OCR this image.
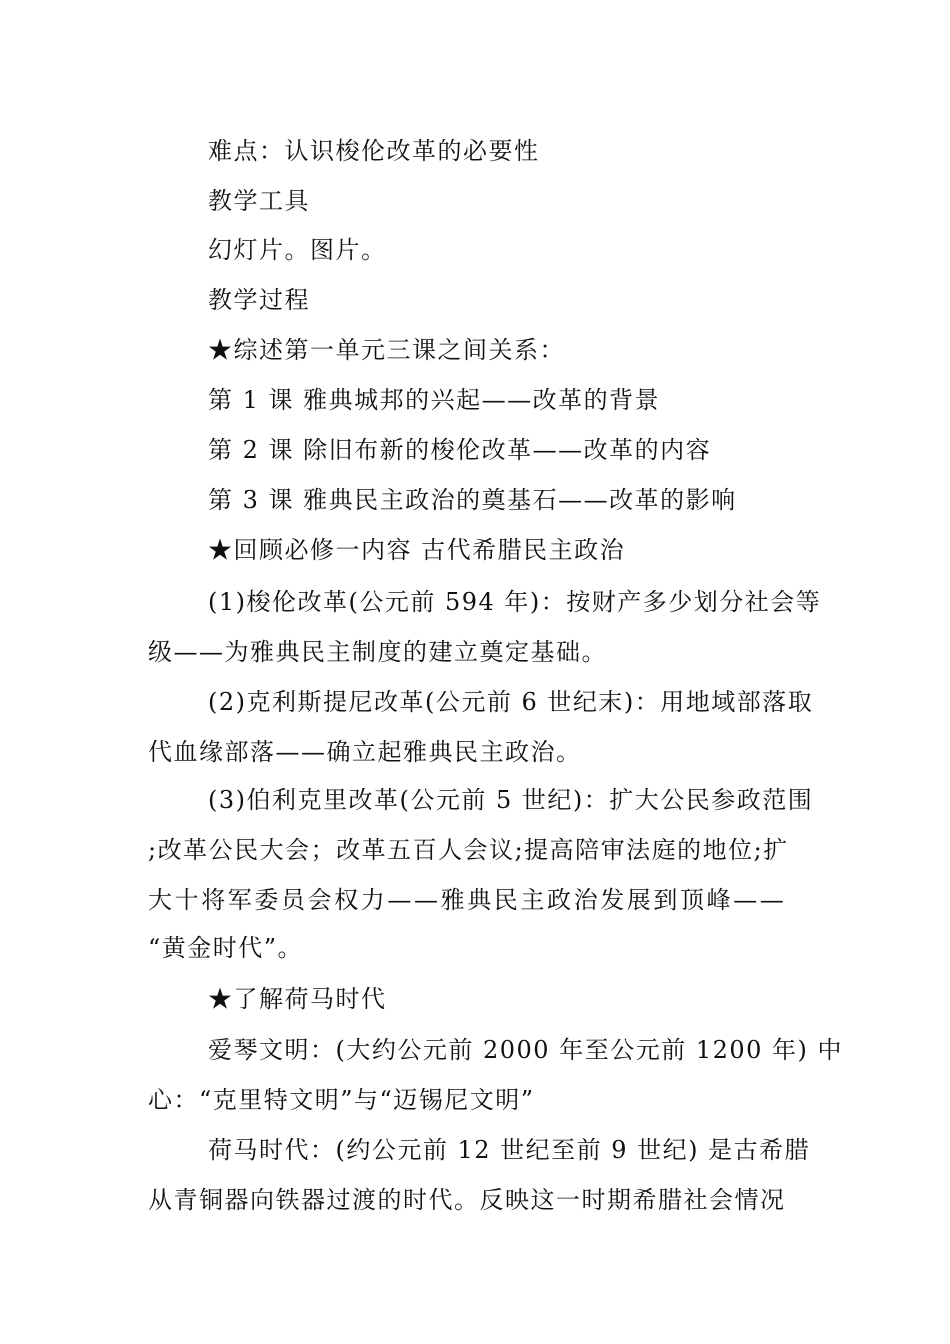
难点：认识梭伦改革的必要性
教学工具
幻灯片。图片。
教学过程
★综述第一单元三课之间关系：
第 1 课 雅典城邦的兴起——改革的背景
第 2 课 除旧布新的梭伦改革——改革的内容
第 3 课 雅典民主政治的奠基石——改革的影响
★回顾必修一内容 古代希腊民主政治
(1)梭伦改革(公元前 594 年)：按财产多少划分社会等
级——为雅典民主制度的建立奠定基础。
(2)克利斯提尼改革(公元前 6 世纪末)：用地域部落取
代血缘部落——确立起雅典民主政治。
(3)伯利克里改革(公元前 5 世纪)：扩大公民参政范围
;改革公民大会；改革五百人会议;提高陪审法庭的地位;扩
大十将军委员会权力——雅典民主政治发展到顶峰——
“黄金时代”。
★了解荷马时代
爱琴文明：(大约公元前 2000 年至公元前 1200 年) 中
心：“克里特文明”与“迈锡尼文明”
荷马时代：(约公元前 12 世纪至前 9 世纪) 是古希腊
从青铜器向铁器过渡的时代。反映这一时期希腊社会情况
